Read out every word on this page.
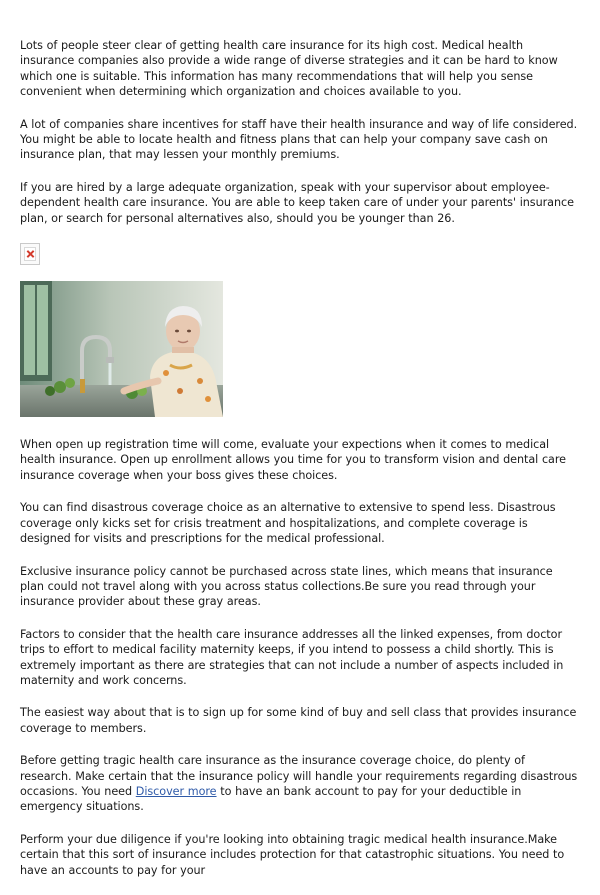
Lots of people steer clear of getting health care insurance for its high cost. Medical health insurance companies also provide a wide range of diverse strategies and it can be hard to know which one is suitable. This information has many recommendations that will help you sense convenient when determining which organization and choices available to you.

A lot of companies share incentives for staff have their health insurance and way of life considered. You might be able to locate health and fitness plans that can help your company save cash on insurance plan, that may lessen your monthly premiums.

If you are hired by a large adequate organization, speak with your supervisor about employee-dependent health care insurance. You are able to keep taken care of under your parents' insurance plan, or search for personal alternatives also, should you be younger than 26.

When open up registration time will come, evaluate your expections when it comes to medical health insurance. Open up enrollment allows you time for you to transform vision and dental care insurance coverage when your boss gives these choices.

You can find disastrous coverage choice as an alternative to extensive to spend less. Disastrous coverage only kicks set for crisis treatment and hospitalizations, and complete coverage is designed for visits and prescriptions for the medical professional.

Exclusive insurance policy cannot be purchased across state lines, which means that insurance plan could not travel along with you across status collections.Be sure you read through your insurance provider about these gray areas.

Factors to consider that the health care insurance addresses all the linked expenses, from doctor trips to effort to medical facility maternity keeps, if you intend to possess a child shortly. This is extremely important as there are strategies that can not include a number of aspects included in maternity and work concerns.

The easiest way about that is to sign up for some kind of buy and sell class that provides insurance coverage to members.

Before getting tragic health care insurance as the insurance coverage choice, do plenty of research. Make certain that the insurance policy will handle your requirements regarding disastrous occasions. You need Discover more to have an bank account to pay for your deductible in emergency situations.

Perform your due diligence if you're looking into obtaining tragic medical health insurance.Make certain that this sort of insurance includes protection for that catastrophic situations. You need to have an accounts to pay for your
